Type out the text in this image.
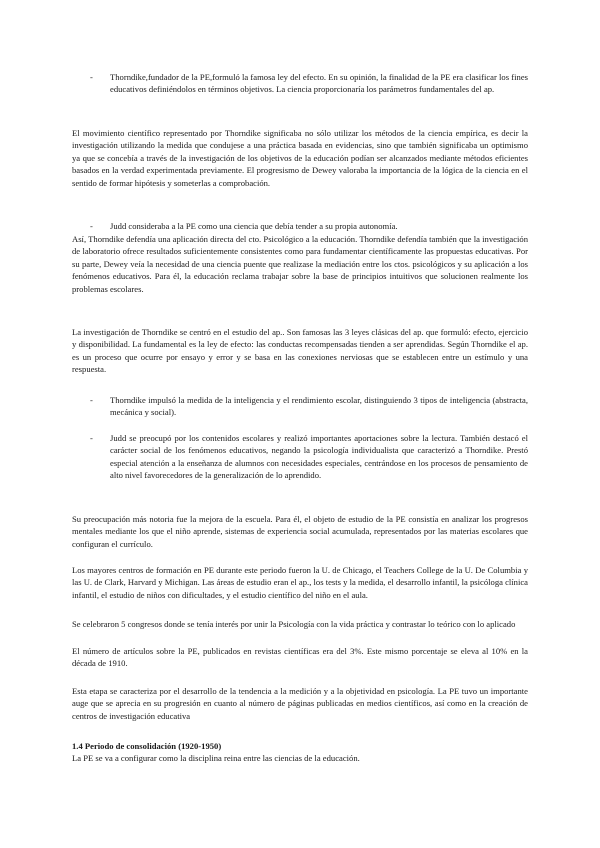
- Thorndike,fundador de la PE,formuló la famosa ley del efecto. En su opinión, la finalidad de la PE era clasificar los fines educativos definiéndolos en términos objetivos. La ciencia proporcionaría los parámetros fundamentales del ap.

El movimiento científico representado por Thorndike significaba no sólo utilizar los métodos de la ciencia empírica, es decir la investigación utilizando la medida que condujese a una práctica basada en evidencias, sino que también significaba un optimismo ya que se concebía a través de la investigación de los objetivos de la educación podían ser alcanzados mediante métodos eficientes basados en la verdad experimentada previamente. El progresismo de Dewey valoraba la importancia de la lógica de la ciencia en el sentido de formar hipótesis y someterlas a comprobación.

- Judd consideraba a la PE como una ciencia que debía tender a su propia autonomía.

Así, Thorndike defendía una aplicación directa del cto. Psicológico a la educación. Thorndike defendía también que la investigación de laboratorio ofrece resultados suficientemente consistentes como para fundamentar científicamente las propuestas educativas. Por su parte, Dewey veía la necesidad de una ciencia puente que realizase la mediación entre los ctos. psicológicos y su aplicación a los fenómenos educativos. Para él, la educación reclama trabajar sobre la base de principios intuitivos que solucionen realmente los problemas escolares.

La investigación de Thorndike se centró en el estudio del ap.. Son famosas las 3 leyes clásicas del ap. que formuló: efecto, ejercicio y disponibilidad. La fundamental es la ley de efecto: las conductas recompensadas tienden a ser aprendidas. Según Thorndike el ap. es un proceso que ocurre por ensayo y error y se basa en las conexiones nerviosas que se establecen entre un estímulo y una respuesta.

- Thorndike impulsó la medida de la inteligencia y el rendimiento escolar, distinguiendo 3 tipos de inteligencia (abstracta, mecánica y social).
- Judd se preocupó por los contenidos escolares y realizó importantes aportaciones sobre la lectura. También destacó el carácter social de los fenómenos educativos, negando la psicología individualista que caracterizó a Thorndike. Prestó especial atención a la enseñanza de alumnos con necesidades especiales, centrándose en los procesos de pensamiento de alto nivel favorecedores de la generalización de lo aprendido.

Su preocupación más notoria fue la mejora de la escuela. Para él, el objeto de estudio de la PE consistía en analizar los progresos mentales mediante los que el niño aprende, sistemas de experiencia social acumulada, representados por las materias escolares que configuran el currículo.

Los mayores centros de formación en PE durante este periodo fueron la U. de Chicago, el Teachers College de la U. De Columbia y las U. de Clark, Harvard y Michigan. Las áreas de estudio eran el ap., los tests y la medida, el desarrollo infantil, la psicóloga clínica infantil, el estudio de niños con dificultades, y el estudio científico del niño en el aula.

Se celebraron 5 congresos donde se tenía interés por unir la Psicología con la vida práctica y contrastar lo teórico con lo aplicado

El número de artículos sobre la PE, publicados en revistas científicas era del 3%. Este mismo porcentaje se eleva al 10% en la década de 1910.

Esta etapa se caracteriza por el desarrollo de la tendencia a la medición y a la objetividad en psicología. La PE tuvo un importante auge que se aprecia en su progresión en cuanto al número de páginas publicadas en medios científicos, así como en la creación de centros de investigación educativa

1.4 Periodo de consolidación (1920-1950)

La PE se va a configurar como la disciplina reina entre las ciencias de la educación.
